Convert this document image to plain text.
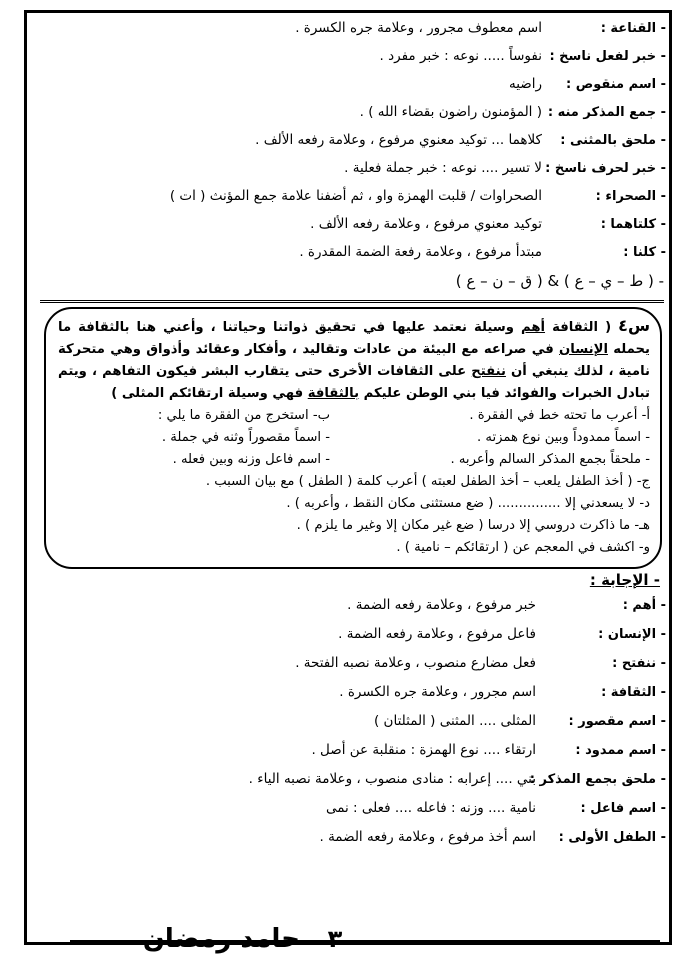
- القناعة :
اسم معطوف مجرور ، وعلامة جره الكسرة .
- خبر لفعل ناسخ :
نفوساً ..... نوعه : خبر مفرد .
- اسم منقوص :
راضيه
- جمع المذكر منه :
( المؤمنون راضون بقضاء الله ) .
- ملحق بالمثنى :
كلاهما ... توكيد معنوي مرفوع ، وعلامة رفعه الألف .
- خبر لحرف ناسخ :
لا تسير .... نوعه : خبر جملة فعلية .
- الصحراء :
الصحراوات / قلبت الهمزة واو ، ثم أضفنا علامة جمع المؤنث ( ات )
- كلتاهما :
توكيد معنوي مرفوع ، وعلامة رفعه الألف .
- كلنا :
مبتدأ مرفوع ، وعلامة رفعة الضمة المقدرة .
- ( ط – ي – ع ) & ( ق – ن – ع )
س٤ ( الثقافة أهم وسيلة نعتمد عليها في تحقيق ذواتنا وحياتنا ، وأعني هنا بالثقافة ما يحمله الإنسان في صراعه مع البيئة من عادات وتقاليد ، وأفكار وعقائد وأذواق وهي متحركة نامية ، لذلك ينبغي أن ننفتح على الثقافات الأخرى حتى يتقارب البشر فيكون التفاهم ، ويتم تبادل الخبرات والفوائد فيا بني الوطن عليكم بالثقافة فهي وسيلة ارتقائكم المثلى )
أ- أعرب ما تحته خط في الفقرة .
ب- استخرج من الفقرة ما يلي :
- اسماً ممدوداً وبين نوع همزته .
- اسماً مقصوراً وثنه في جملة .
- ملحقاً بجمع المذكر السالم وأعربه .
- اسم فاعل وزنه وبين فعله .
ج- ( أخذ الطفل يلعب – أخذ الطفل لعبته ) أعرب كلمة ( الطفل ) مع بيان السبب .
د- لا يسعدني إلا ............... ( ضع مستثنى مكان النقط ، وأعربه ) .
هـ- ما ذاكرت دروسي إلا درسا ( ضع غير مكان إلا وغير ما يلزم ) .
و- اكشف في المعجم عن ( ارتقائكم – نامية ) .
- الإجابة :
- أهم :
خبر مرفوع ، وعلامة رفعه الضمة .
- الإنسان :
فاعل مرفوع ، وعلامة رفعه الضمة .
- ننفتح :
فعل مضارع منصوب ، وعلامة نصبه الفتحة .
- الثقافة :
اسم مجرور ، وعلامة جره الكسرة .
- اسم مقصور :
المثلى .... المثنى ( المثلتان )
- اسم ممدود :
ارتقاء .... نوع الهمزة : منقلبة عن أصل .
- ملحق بجمع المذكر :
بني .... إعرابه : منادى منصوب ، وعلامة نصبه الياء .
- اسم فاعل :
نامية .... وزنه : فاعله .... فعلى : نمى
- الطفل الأولى :
اسم أخذ مرفوع ، وعلامة رفعه الضمة .
٣
حامد رمضان
